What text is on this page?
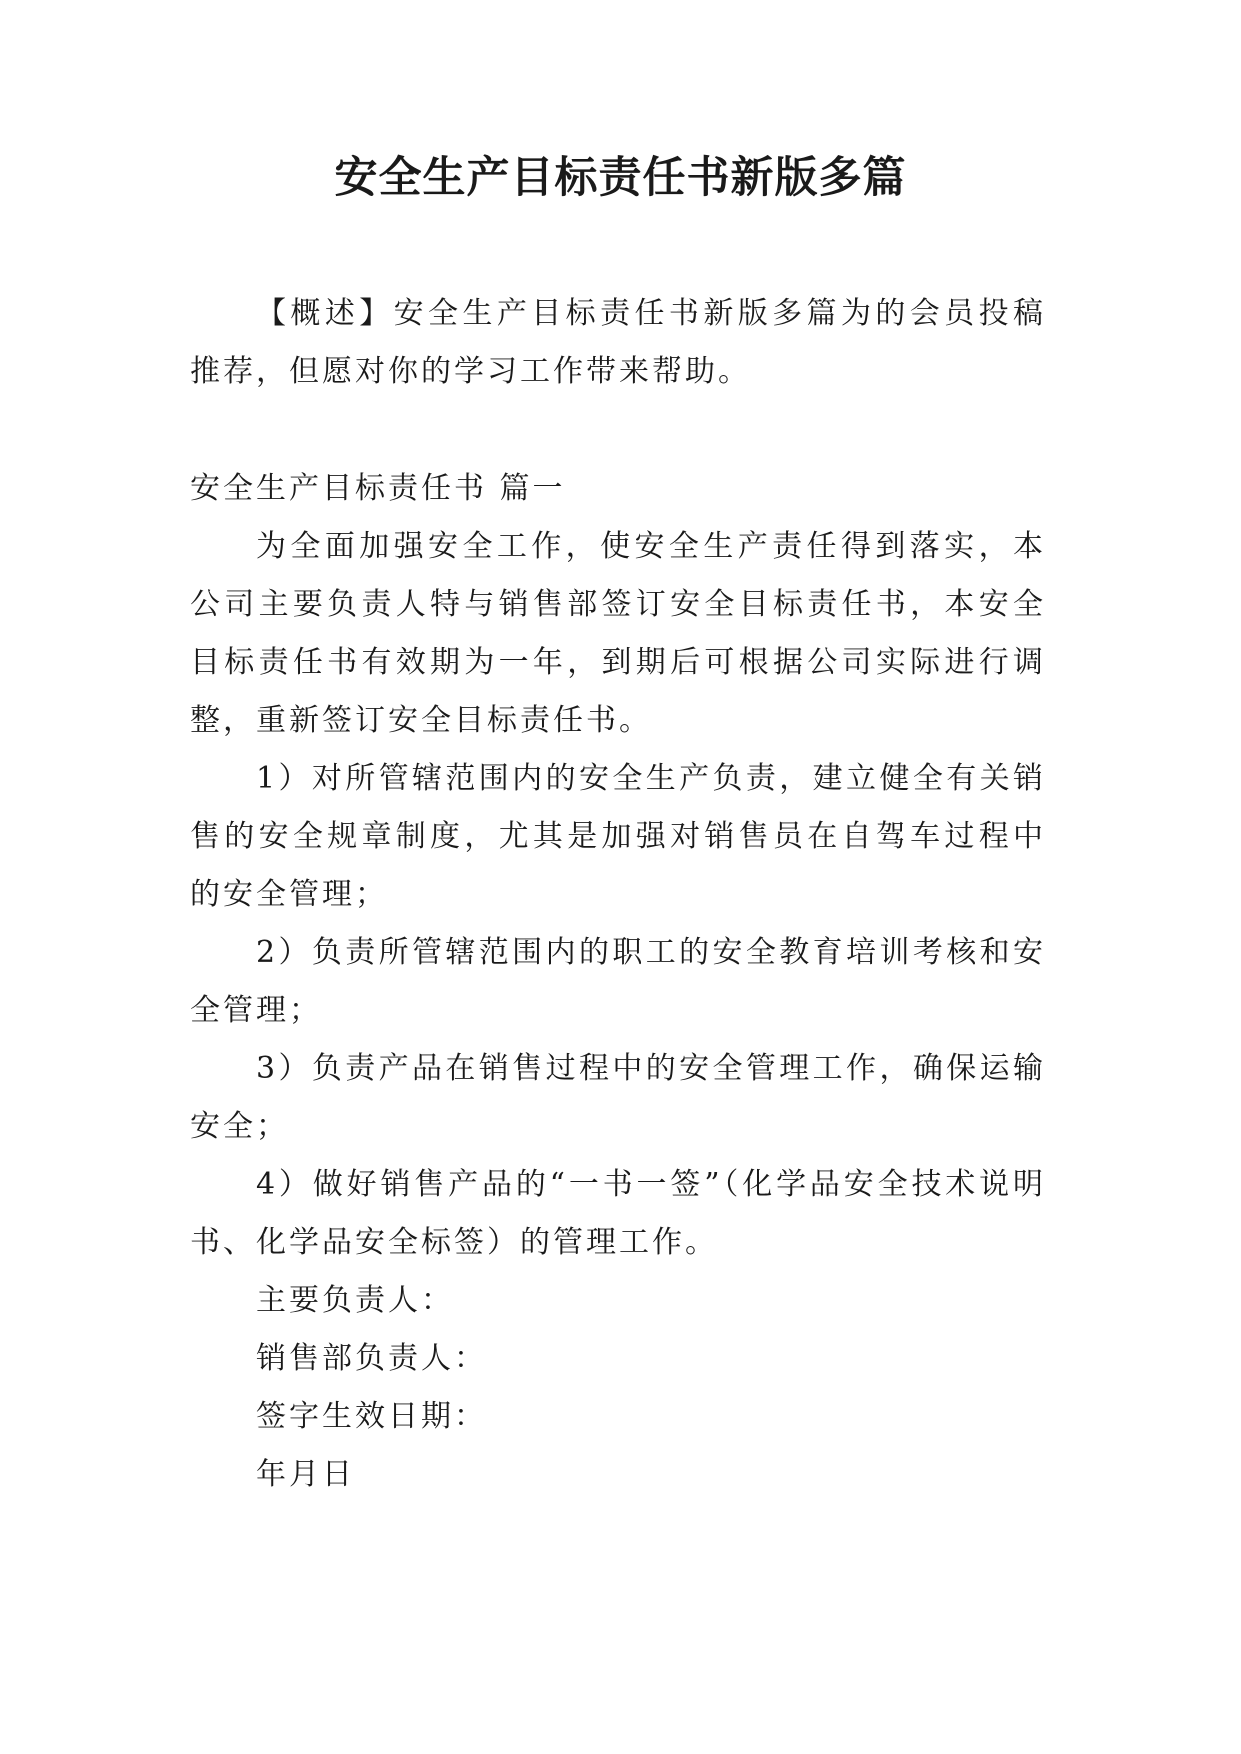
安全生产目标责任书新版多篇

【概述】安全生产目标责任书新版多篇为的会员投稿推荐，但愿对你的学习工作带来帮助。

安全生产目标责任书 篇一

为全面加强安全工作，使安全生产责任得到落实，本公司主要负责人特与销售部签订安全目标责任书，本安全目标责任书有效期为一年，到期后可根据公司实际进行调整，重新签订安全目标责任书。

1）对所管辖范围内的安全生产负责，建立健全有关销售的安全规章制度，尤其是加强对销售员在自驾车过程中的安全管理；

2）负责所管辖范围内的职工的安全教育培训考核和安全管理；

3）负责产品在销售过程中的安全管理工作，确保运输安全；

4）做好销售产品的“一书一签”（化学品安全技术说明书、化学品安全标签）的管理工作。

主要负责人：

销售部负责人：

签字生效日期：

年月日
